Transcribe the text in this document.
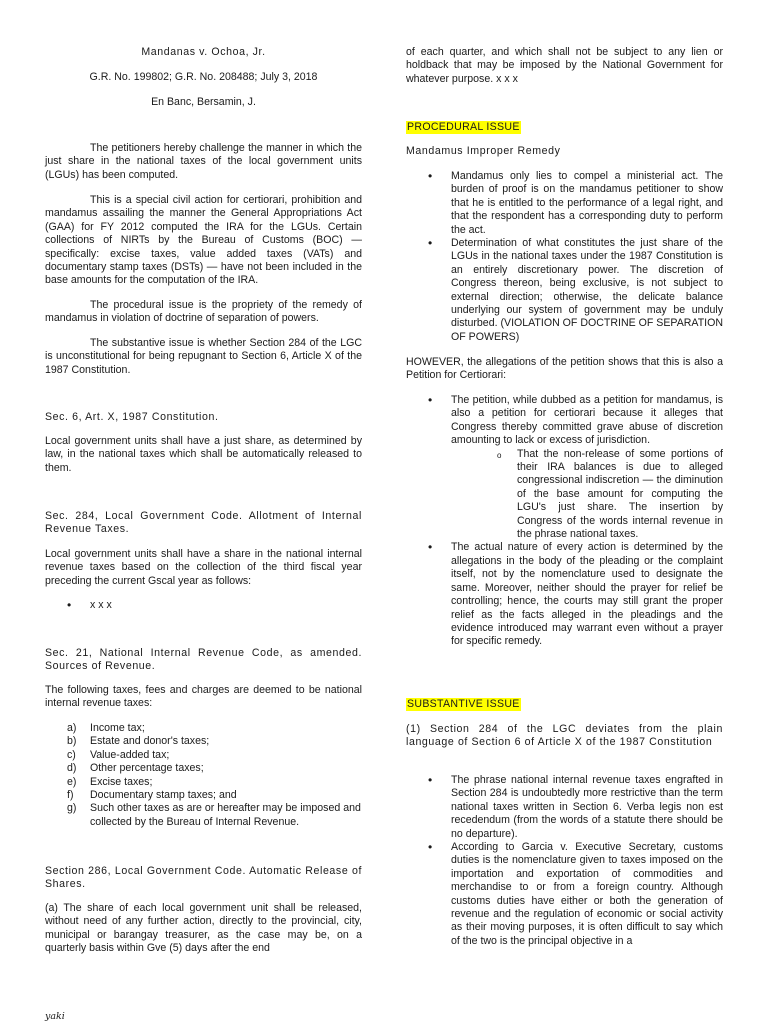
Mandanas v. Ochoa, Jr.

G.R. No. 199802; G.R. No. 208488; July 3, 2018

En Banc, Bersamin, J.

The petitioners hereby challenge the manner in which the just share in the national taxes of the local government units (LGUs) has been computed.

This is a special civil action for certiorari, prohibition and mandamus assailing the manner the General Appropriations Act (GAA) for FY 2012 computed the IRA for the LGUs. Certain collections of NIRTs by the Bureau of Customs (BOC) — specifically: excise taxes, value added taxes (VATs) and documentary stamp taxes (DSTs) — have not been included in the base amounts for the computation of the IRA.

The procedural issue is the propriety of the remedy of mandamus in violation of doctrine of separation of powers.

The substantive issue is whether Section 284 of the LGC is unconstitutional for being repugnant to Section 6, Article X of the 1987 Constitution.

Sec. 6, Art. X, 1987 Constitution.

Local government units shall have a just share, as determined by law, in the national taxes which shall be automatically released to them.

Sec. 284, Local Government Code. Allotment of Internal Revenue Taxes.

Local government units shall have a share in the national internal revenue taxes based on the collection of the third fiscal year preceding the current Gscal year as follows:

• x x x

Sec. 21, National Internal Revenue Code, as amended. Sources of Revenue.

The following taxes, fees and charges are deemed to be national internal revenue taxes:

a) Income tax;
b) Estate and donor's taxes;
c) Value-added tax;
d) Other percentage taxes;
e) Excise taxes;
f) Documentary stamp taxes; and
g) Such other taxes as are or hereafter may be imposed and collected by the Bureau of Internal Revenue.

Section 286, Local Government Code. Automatic Release of Shares.

(a) The share of each local government unit shall be released, without need of any further action, directly to the provincial, city, municipal or barangay treasurer, as the case may be, on a quarterly basis within Gve (5) days after the end

yaki

of each quarter, and which shall not be subject to any lien or holdback that may be imposed by the National Government for whatever purpose. x x x

PROCEDURAL ISSUE

Mandamus Improper Remedy

• Mandamus only lies to compel a ministerial act. The burden of proof is on the mandamus petitioner to show that he is entitled to the performance of a legal right, and that the respondent has a corresponding duty to perform the act.
• Determination of what constitutes the just share of the LGUs in the national taxes under the 1987 Constitution is an entirely discretionary power. The discretion of Congress thereon, being exclusive, is not subject to external direction; otherwise, the delicate balance underlying our system of government may be unduly disturbed. (VIOLATION OF DOCTRINE OF SEPARATION OF POWERS)

HOWEVER, the allegations of the petition shows that this is also a Petition for Certiorari:

• The petition, while dubbed as a petition for mandamus, is also a petition for certiorari because it alleges that Congress thereby committed grave abuse of discretion amounting to lack or excess of jurisdiction.
o That the non-release of some portions of their IRA balances is due to alleged congressional indiscretion — the diminution of the base amount for computing the LGU's just share. The insertion by Congress of the words internal revenue in the phrase national taxes.
• The actual nature of every action is determined by the allegations in the body of the pleading or the complaint itself, not by the nomenclature used to designate the same. Moreover, neither should the prayer for relief be controlling; hence, the courts may still grant the proper relief as the facts alleged in the pleadings and the evidence introduced may warrant even without a prayer for specific remedy.

SUBSTANTIVE ISSUE

(1) Section 284 of the LGC deviates from the plain language of Section 6 of Article X of the 1987 Constitution

• The phrase national internal revenue taxes engrafted in Section 284 is undoubtedly more restrictive than the term national taxes written in Section 6. Verba legis non est recedendum (from the words of a statute there should be no departure).
• According to Garcia v. Executive Secretary, customs duties is the nomenclature given to taxes imposed on the importation and exportation of commodities and merchandise to or from a foreign country. Although customs duties have either or both the generation of revenue and the regulation of economic or social activity as their moving purposes, it is often difficult to say which of the two is the principal objective in a
